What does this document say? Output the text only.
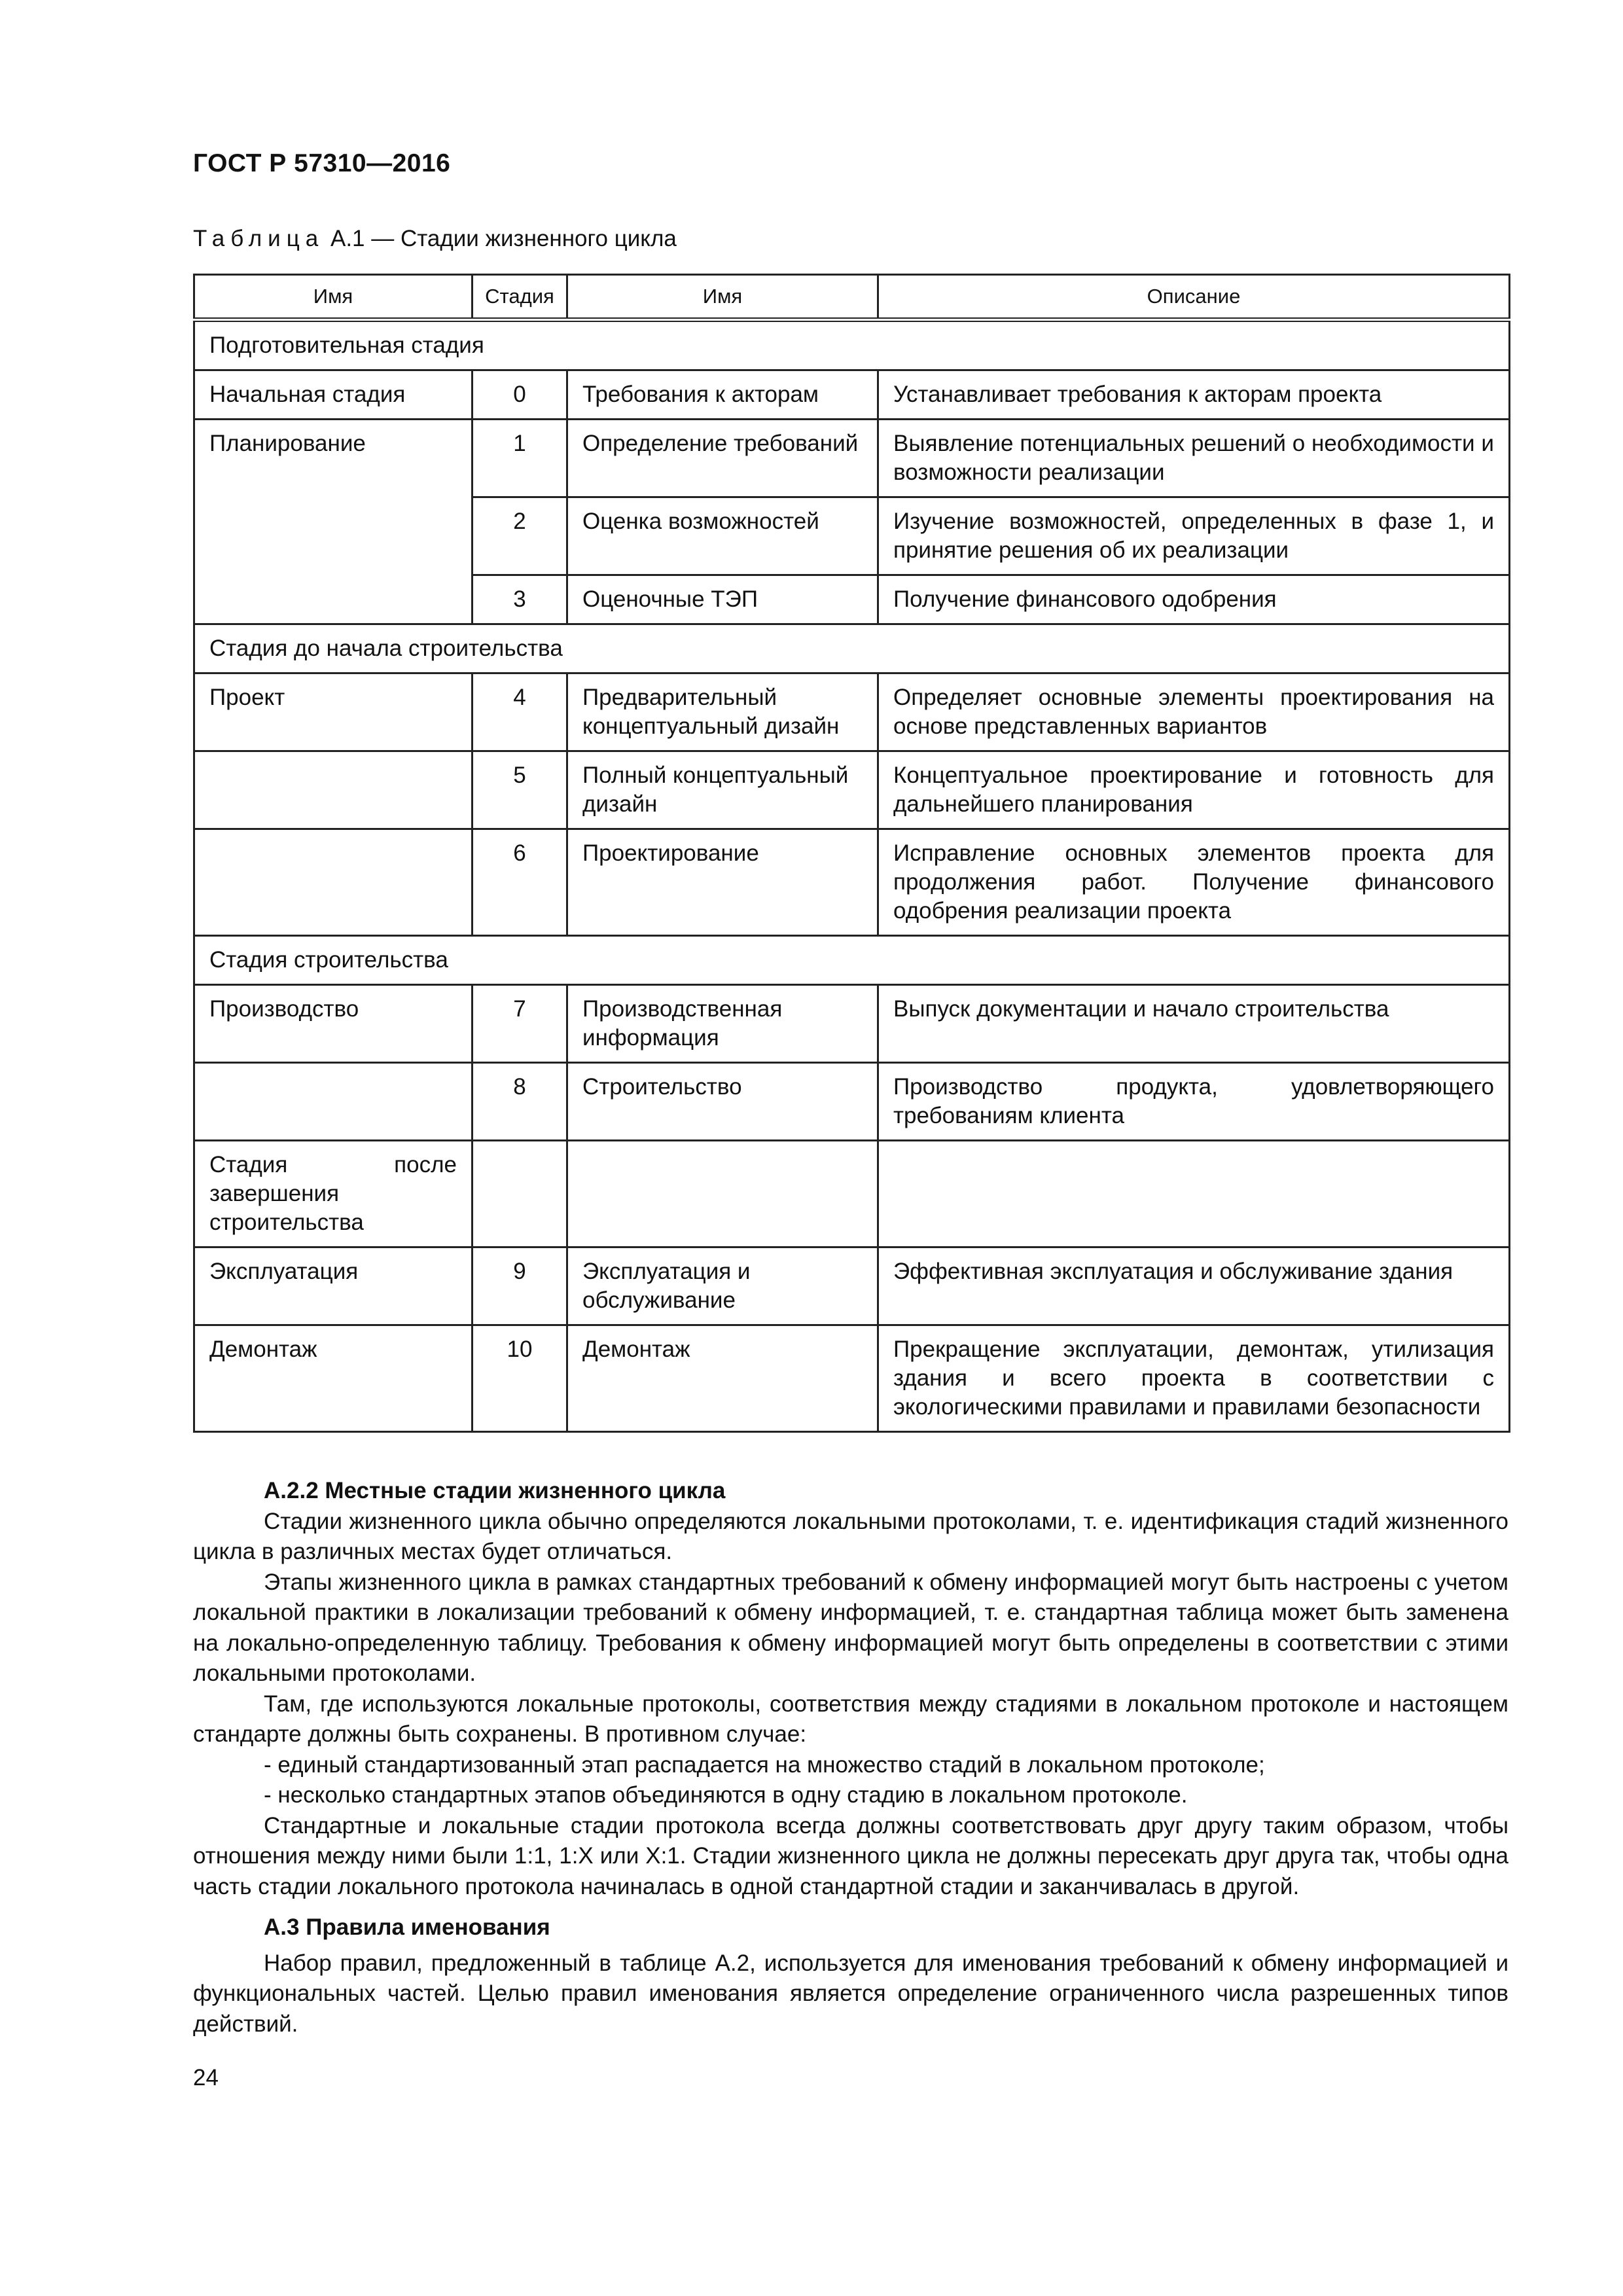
ГОСТ Р 57310—2016
Таблица А.1 — Стадии жизненного цикла
Имя	Стадия	Имя	Описание
Подготовительная стадия			
Начальная стадия	0	Требования к акторам	Устанавливает требования к акторам проекта
Планирование	1	Определение требований	Выявление потенциальных решений о необходимости и возможности реализации
	2	Оценка возможностей	Изучение возможностей, определенных в фазе 1, и принятие решения об их реализации
	3	Оценочные ТЭП	Получение финансового одобрения
Стадия до начала строительства			
Проект	4	Предварительный концептуальный дизайн	Определяет основные элементы проектирования на основе представленных вариантов
	5	Полный концептуальный дизайн	Концептуальное проектирование и готовность для дальнейшего планирования
	6	Проектирование	Исправление основных элементов проекта для продолжения работ. Получение финансового одобрения реализации проекта
Стадия строительства			
Производство	7	Производственная информация	Выпуск документации и начало строительства
	8	Строительство	Производство продукта, удовлетворяющего требованиям клиента
Стадия после завершения строительства			
Эксплуатация	9	Эксплуатация и обслуживание	Эффективная эксплуатация и обслуживание здания
Демонтаж	10	Демонтаж	Прекращение эксплуатации, демонтаж, утилизация здания и всего проекта в соответствии с экологическими правилами и правилами безопасности
А.2.2 Местные стадии жизненного цикла

Стадии жизненного цикла обычно определяются локальными протоколами, т. е. идентификация стадий жизненного цикла в различных местах будет отличаться.

Этапы жизненного цикла в рамках стандартных требований к обмену информацией могут быть настроены с учетом локальной практики в локализации требований к обмену информацией, т. е. стандартная таблица может быть заменена на локально-определенную таблицу. Требования к обмену информацией могут быть определены в соответствии с этими локальными протоколами.

Там, где используются локальные протоколы, соответствия между стадиями в локальном протоколе и настоящем стандарте должны быть сохранены. В противном случае:

- единый стандартизованный этап распадается на множество стадий в локальном протоколе;

- несколько стандартных этапов объединяются в одну стадию в локальном протоколе.

Стандартные и локальные стадии протокола всегда должны соответствовать друг другу таким образом, чтобы отношения между ними были 1:1, 1:Х или Х:1. Стадии жизненного цикла не должны пересекать друг друга так, чтобы одна часть стадии локального протокола начиналась в одной стандартной стадии и заканчивалась в другой.

А.3 Правила именования

Набор правил, предложенный в таблице А.2, используется для именования требований к обмену информацией и функциональных частей. Целью правил именования является определение ограниченного числа разрешенных типов действий.

24
